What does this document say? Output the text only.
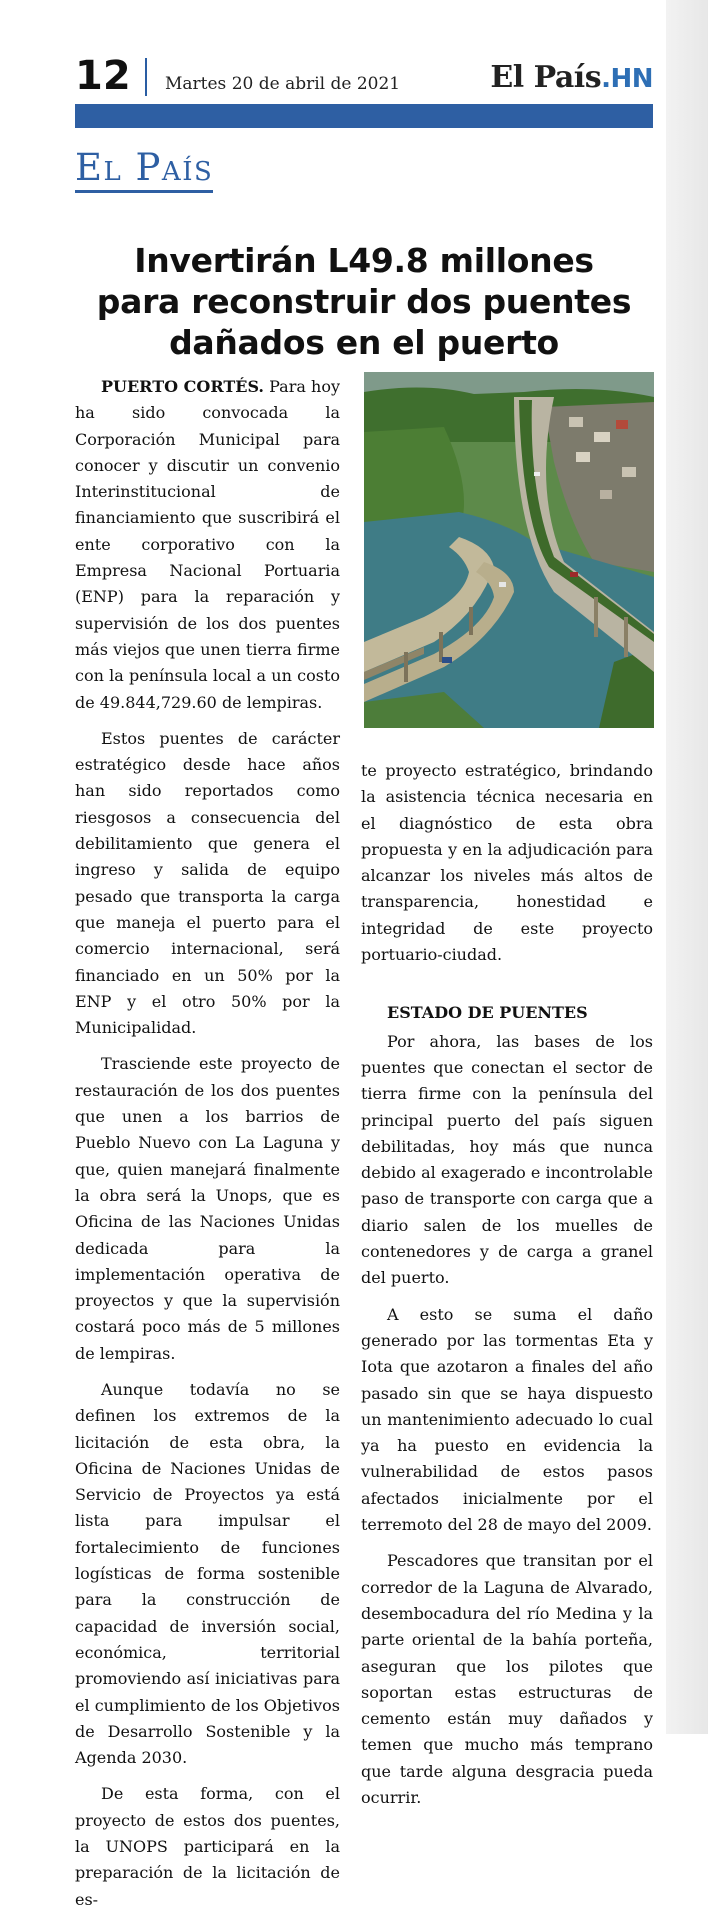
12 Martes 20 de abril de 2021	El País.HN
El País
Invertirán L49.8 millones
para reconstruir dos puentes
dañados en el puerto

PUERTO CORTÉS. Para hoy ha sido convocada la Corporación Municipal para conocer y discutir un convenio Interinstitucional de financiamiento que suscribirá el ente corporativo con la Empresa Nacional Portuaria (ENP) para la reparación y supervisión de los dos puentes más viejos que unen tierra firme con la península local a un costo de 49.844,729.60 de lempiras.

Estos puentes de carácter estratégico desde hace años han sido reportados como riesgosos a consecuencia del debilitamiento que genera el ingreso y salida de equipo pesado que transporta la carga que maneja el puerto para el comercio internacional, será financiado en un 50% por la ENP y el otro 50% por la Municipalidad.

Trasciende este proyecto de restauración de los dos puentes que unen a los barrios de Pueblo Nuevo con La Laguna y que, quien manejará finalmente la obra será la Unops, que es Oficina de las Naciones Unidas dedicada para la implementación operativa de proyectos y que la supervisión costará poco más de 5 millones de lempiras.

Aunque todavía no se definen los extremos de la licitación de esta obra, la Oficina de Naciones Unidas de Servicio de Proyectos ya está lista para impulsar el fortalecimiento de funciones logísticas de forma sostenible para la construcción de capacidad de inversión social, económica, territorial promoviendo así iniciativas para el cumplimiento de los Objetivos de Desarrollo Sostenible y la Agenda 2030.

De esta forma, con el proyecto de estos dos puentes, la UNOPS participará en la preparación de la licitación de es-

te proyecto estratégico, brindando la asistencia técnica necesaria en el diagnóstico de esta obra propuesta y en la adjudicación para alcanzar los niveles más altos de transparencia, honestidad e integridad de este proyecto portuario-ciudad.

ESTADO DE PUENTES

Por ahora, las bases de los puentes que conectan el sector de tierra firme con la península del principal puerto del país siguen debilitadas, hoy más que nunca debido al exagerado e incontrolable paso de transporte con carga que a diario salen de los muelles de contenedores y de carga a granel del puerto.

A esto se suma el daño generado por las tormentas Eta y Iota que azotaron a finales del año pasado sin que se haya dispuesto un mantenimiento adecuado lo cual ya ha puesto en evidencia la vulnerabilidad de estos pasos afectados inicialmente por el terremoto del 28 de mayo del 2009.

Pescadores que transitan por el corredor de la Laguna de Alvarado, desembocadura del río Medina y la parte oriental de la bahía porteña, aseguran que los pilotes que soportan estas estructuras de cemento están muy dañados y temen que mucho más temprano que tarde alguna desgracia pueda ocurrir.
